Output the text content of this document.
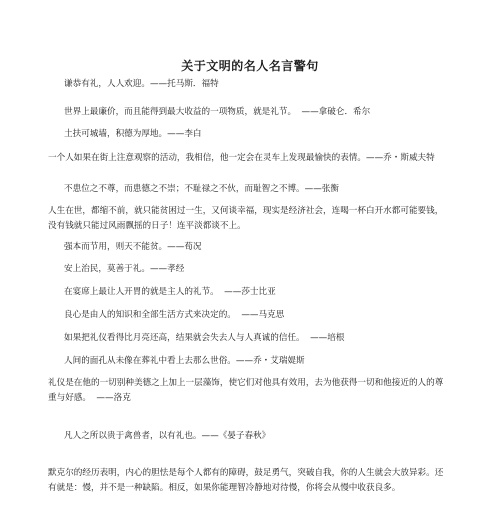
关于文明的名人名言警句
谦恭有礼，人人欢迎。——托马斯．福特
世界上最廉价，而且能得到最大收益的一项物质，就是礼节。  ——拿破仑．希尔
土扶可城墙，积德为厚地。——李白
一个人如果在街上注意观察的活动，我相信，他一定会在灵车上发现最愉快的表情。——乔・斯威夫特
不患位之不尊，而患德之不崇；不耻禄之不伙，而耻智之不博。——张衡
人生在世，都缩不前，就只能贫困过一生，又何谈幸福，现实是经济社会，连喝一杯白开水都可能要钱，没有钱就只能过风雨飘摇的日子！连平淡都谈不上。
强本而节用，则天不能贫。——荀况
安上治民，莫善于礼。——孝经
在宴席上最让人开胃的就是主人的礼节。  ——莎士比亚
良心是由人的知识和全部生活方式来决定的。  ——马克思
如果把礼仪看得比月亮还高，结果就会失去人与人真诚的信任。  ——培根
人间的面孔从未像在葬礼中看上去那么世俗。——乔・艾瑞媞斯
礼仪是在他的一切别种美德之上加上一层藻饰，使它们对他具有效用，去为他获得一切和他接近的人的尊重与好感。  ——洛克
凡人之所以贵于禽兽者，以有礼也。——《晏子春秋》
默克尔的经历表明，内心的胆怯是每个人都有的障碍，鼓足勇气，突破自我，你的人生就会大放异彩。还有就是：慢，并不是一种缺陷。相反，如果你能理智冷静地对待慢，你将会从慢中收获良多。
